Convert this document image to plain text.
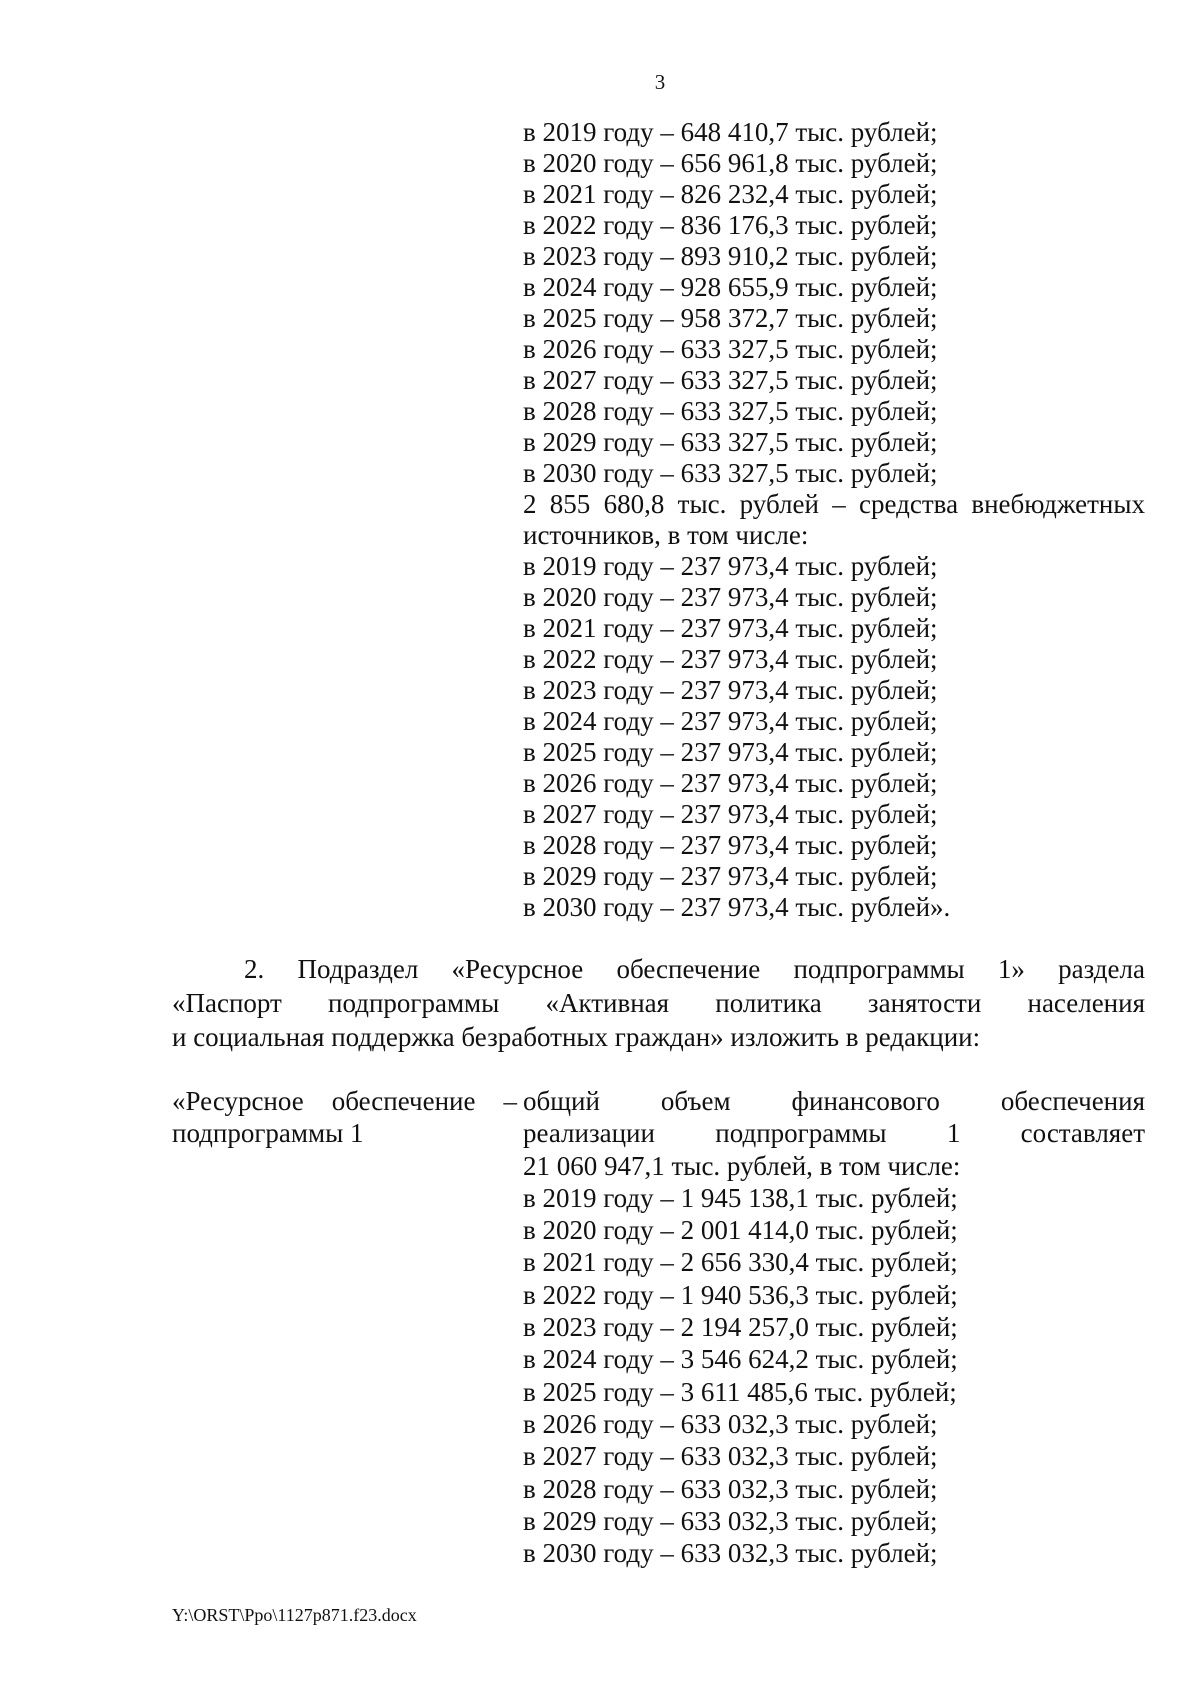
3
в 2019 году – 648 410,7 тыс. рублей;
в 2020 году – 656 961,8 тыс. рублей;
в 2021 году – 826 232,4 тыс. рублей;
в 2022 году – 836 176,3 тыс. рублей;
в 2023 году – 893 910,2 тыс. рублей;
в 2024 году – 928 655,9 тыс. рублей;
в 2025 году – 958 372,7 тыс. рублей;
в 2026 году – 633 327,5 тыс. рублей;
в 2027 году – 633 327,5 тыс. рублей;
в 2028 году – 633 327,5 тыс. рублей;
в 2029 году – 633 327,5 тыс. рублей;
в 2030 году – 633 327,5 тыс. рублей;
2 855 680,8 тыс. рублей – средства внебюджетных
источников, в том числе:
в 2019 году – 237 973,4 тыс. рублей;
в 2020 году – 237 973,4 тыс. рублей;
в 2021 году – 237 973,4 тыс. рублей;
в 2022 году – 237 973,4 тыс. рублей;
в 2023 году – 237 973,4 тыс. рублей;
в 2024 году – 237 973,4 тыс. рублей;
в 2025 году – 237 973,4 тыс. рублей;
в 2026 году – 237 973,4 тыс. рублей;
в 2027 году – 237 973,4 тыс. рублей;
в 2028 году – 237 973,4 тыс. рублей;
в 2029 году – 237 973,4 тыс. рублей;
в 2030 году – 237 973,4 тыс. рублей».
2. Подраздел «Ресурсное обеспечение подпрограммы 1» раздела
«Паспорт подпрограммы «Активная политика занятости населения
и социальная поддержка безработных граждан» изложить в редакции:
«Ресурсное обеспечение –
подпрограммы 1
общий объем финансового обеспечения
реализации подпрограммы 1 составляет
21 060 947,1 тыс. рублей, в том числе:
в 2019 году – 1 945 138,1 тыс. рублей;
в 2020 году – 2 001 414,0 тыс. рублей;
в 2021 году – 2 656 330,4 тыс. рублей;
в 2022 году – 1 940 536,3 тыс. рублей;
в 2023 году – 2 194 257,0 тыс. рублей;
в 2024 году – 3 546 624,2 тыс. рублей;
в 2025 году – 3 611 485,6 тыс. рублей;
в 2026 году – 633 032,3 тыс. рублей;
в 2027 году – 633 032,3 тыс. рублей;
в 2028 году – 633 032,3 тыс. рублей;
в 2029 году – 633 032,3 тыс. рублей;
в 2030 году – 633 032,3 тыс. рублей;
Y:\ORST\Ppo\1127p871.f23.docx
